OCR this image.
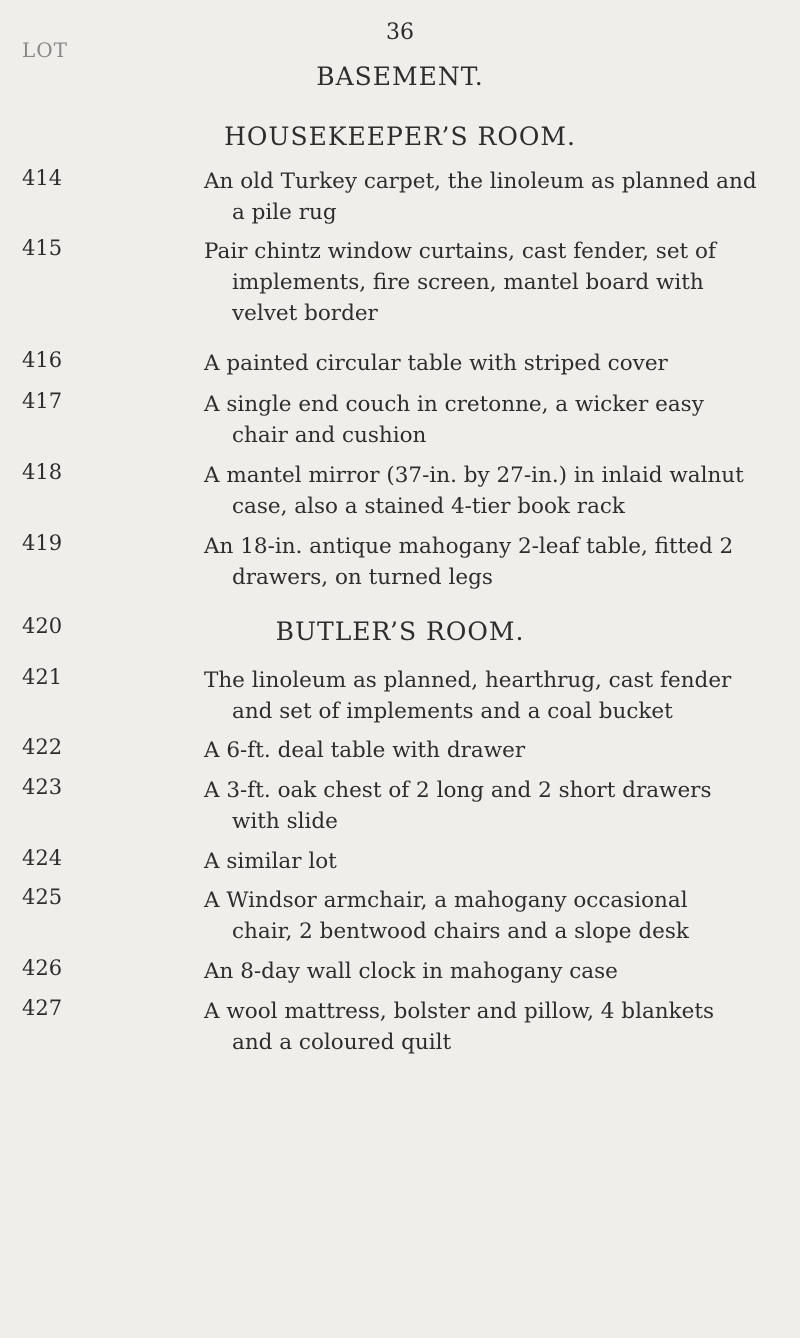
LOT
36
BASEMENT.
HOUSEKEEPER’S ROOM.
414	An old Turkey carpet, the linoleum as planned and
a pile rug
415	Pair chintz window curtains, cast fender, set of
implements, fire screen, mantel board with
velvet border
416	A painted circular table with striped cover
417	A single end couch in cretonne, a wicker easy
chair and cushion
418	A mantel mirror (37-in. by 27-in.) in inlaid walnut
case, also a stained 4-tier book rack
419	An 18-in. antique mahogany 2-leaf table, fitted 2
drawers, on turned legs
420	BUTLER’S ROOM.
421	The linoleum as planned, hearthrug, cast fender
and set of implements and a coal bucket
422	A 6-ft. deal table with drawer
423	A 3-ft. oak chest of 2 long and 2 short drawers
with slide
424	A similar lot
425	A Windsor armchair, a mahogany occasional
chair, 2 bentwood chairs and a slope desk
426	An 8-day wall clock in mahogany case
427	A wool mattress, bolster and pillow, 4 blankets
and a coloured quilt
